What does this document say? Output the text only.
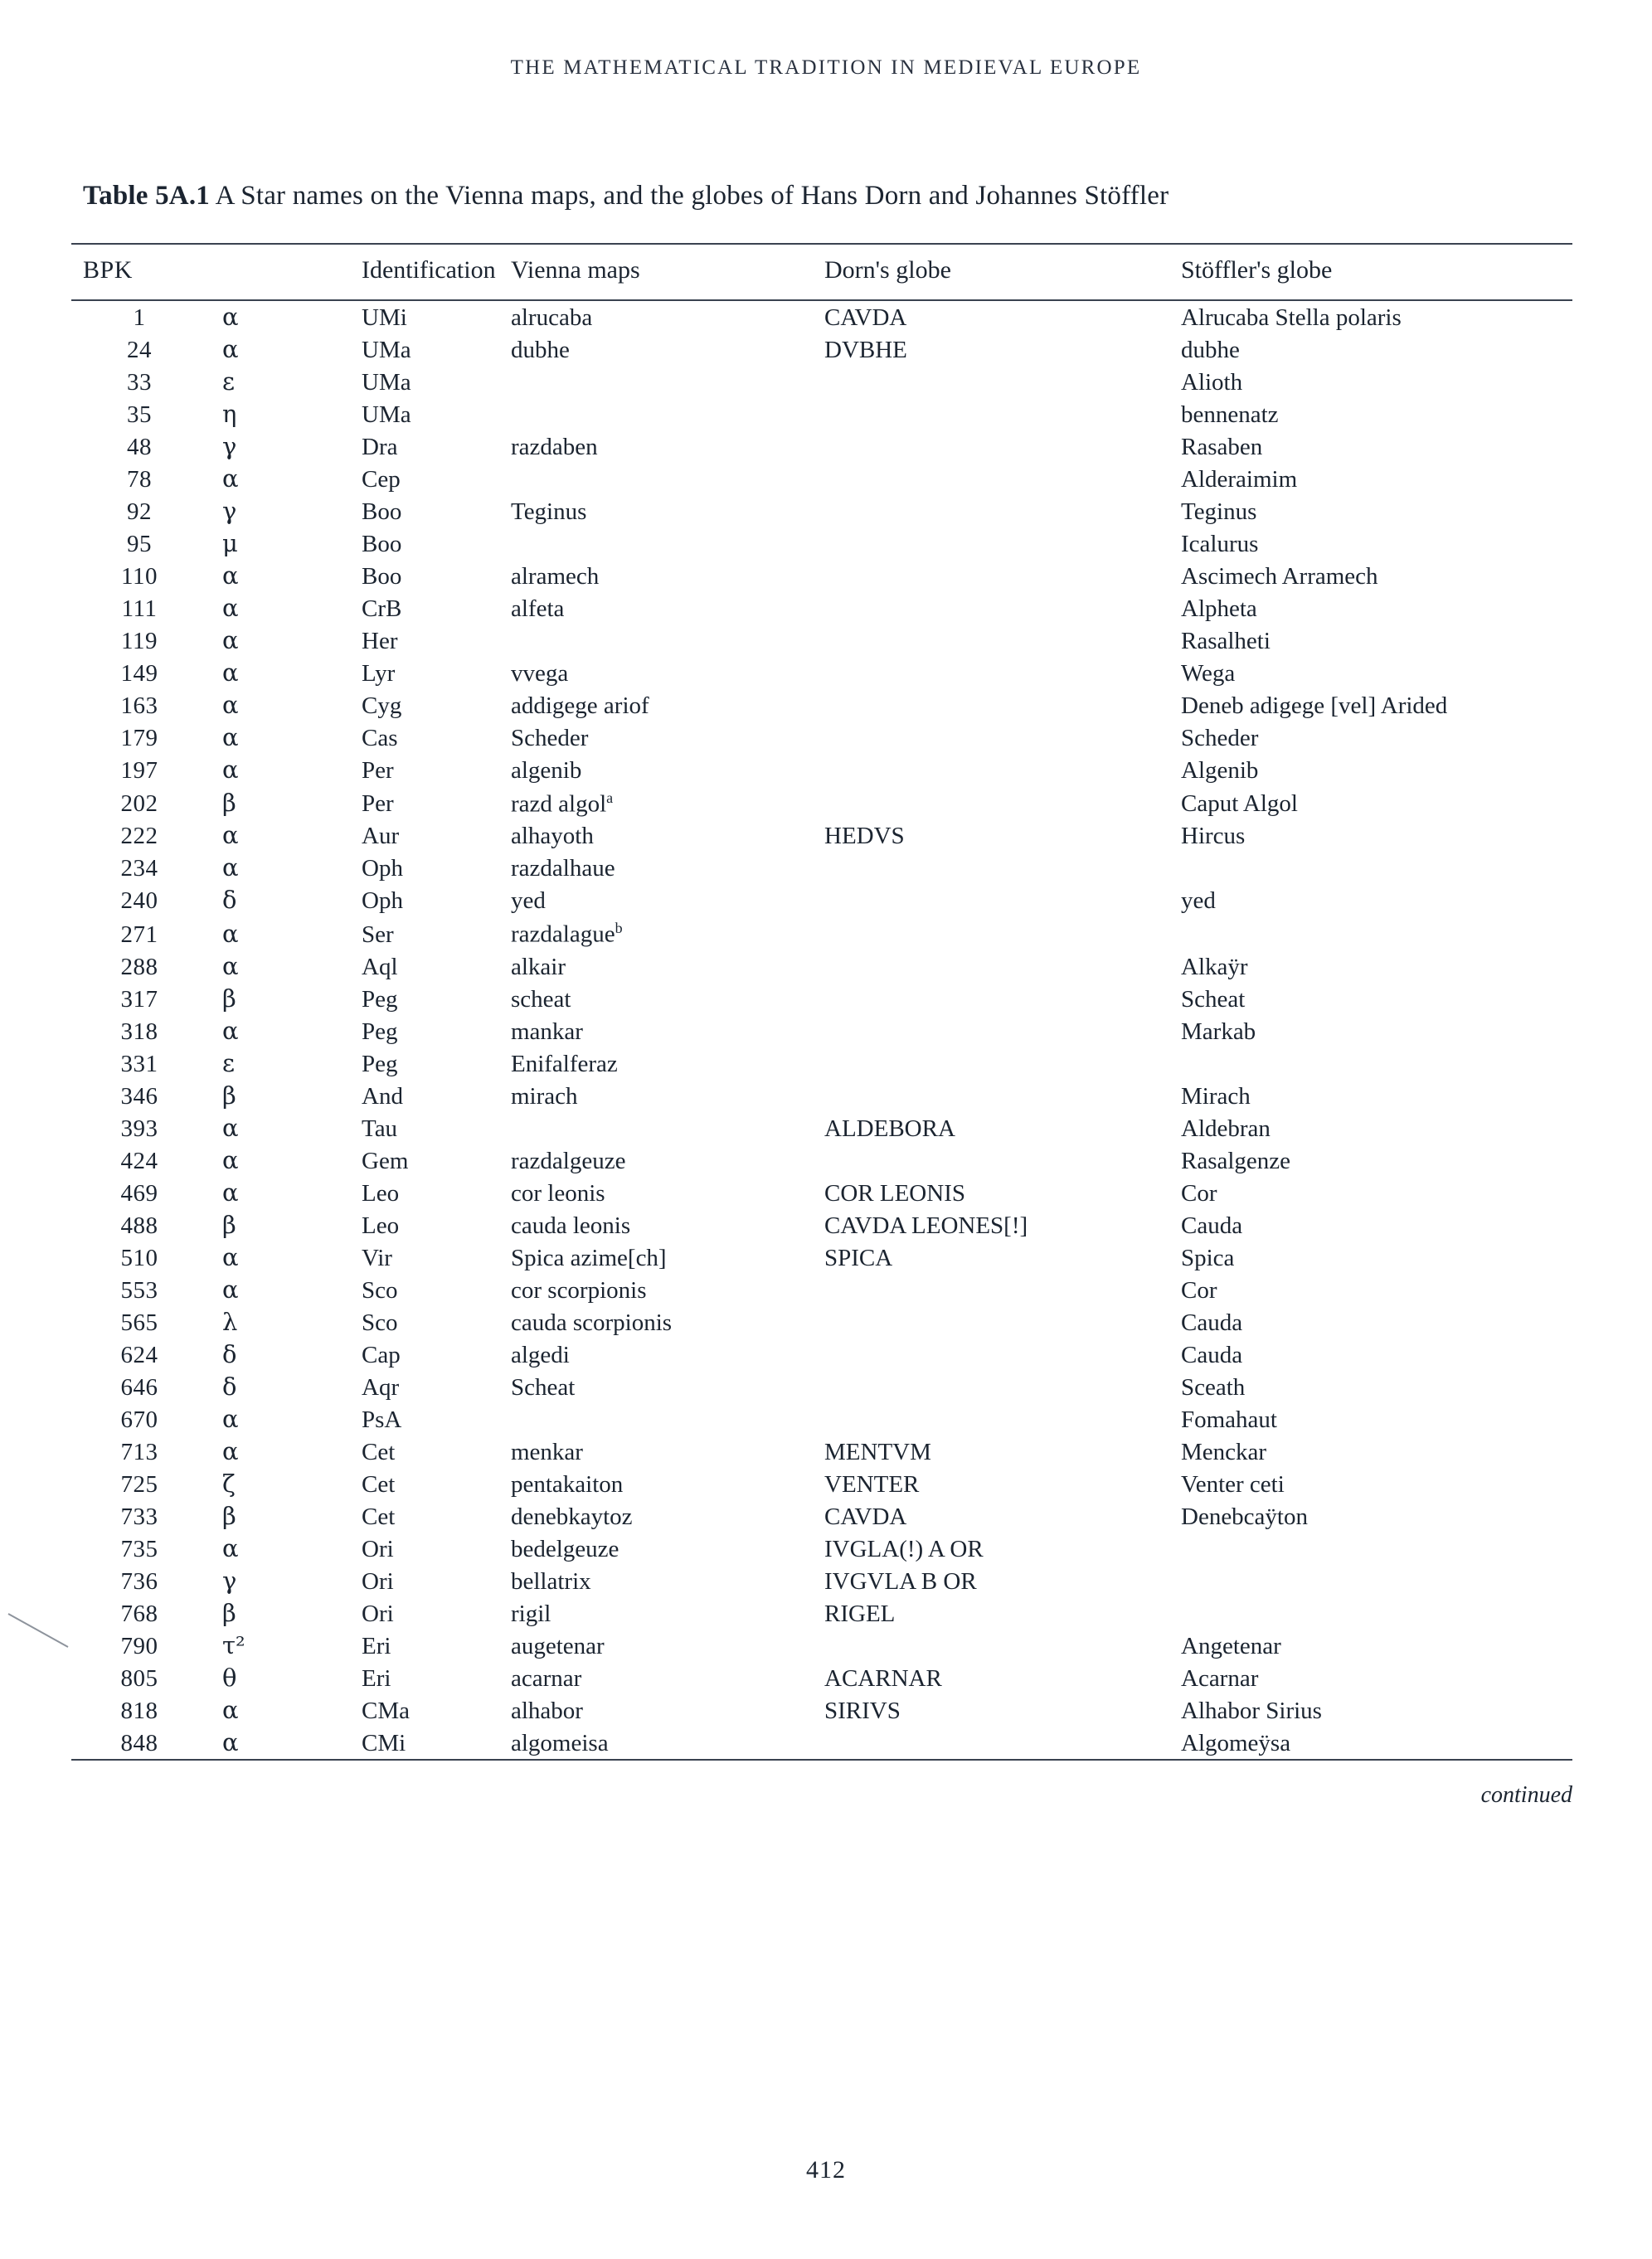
THE MATHEMATICAL TRADITION IN MEDIEVAL EUROPE
Table 5A.1 A Star names on the Vienna maps, and the globes of Hans Dorn and Johannes Stöffler
BPK		Identification	Vienna maps	Dorn's globe	Stöffler's globe
1	α	UMi	alrucaba	CAVDA	Alrucaba Stella polaris
24	α	UMa	dubhe	DVBHE	dubhe
33	ε	UMa			Alioth
35	η	UMa			bennenatz
48	γ	Dra	razdaben		Rasaben
78	α	Cep			Alderaimim
92	γ	Boo	Teginus		Teginus
95	μ	Boo			Icalurus
110	α	Boo	alramech		Ascimech Arramech
111	α	CrB	alfeta		Alpheta
119	α	Her			Rasalheti
149	α	Lyr	vvega		Wega
163	α	Cyg	addigege ariof		Deneb adigege [vel] Arided
179	α	Cas	Scheder		Scheder
197	α	Per	algenib		Algenib
202	β	Per	razd algol$^a$		Caput Algol
222	α	Aur	alhayoth	HEDVS	Hircus
234	α	Oph	razdalhaue		
240	δ	Oph	yed		yed
271	α	Ser	razdalague$^b$		
288	α	Aql	alkair		Alkaÿr
317	β	Peg	scheat		Scheat
318	α	Peg	mankar		Markab
331	ε	Peg	Enifalferaz		
346	β	And	mirach		Mirach
393	α	Tau		ALDEBORA	Aldebran
424	α	Gem	razdalgeuze		Rasalgenze
469	α	Leo	cor leonis	COR LEONIS	Cor
488	β	Leo	cauda leonis	CAVDA LEONES[!]	Cauda
510	α	Vir	Spica azime[ch]	SPICA	Spica
553	α	Sco	cor scorpionis		Cor
565	λ	Sco	cauda scorpionis		Cauda
624	δ	Cap	algedi		Cauda
646	δ	Aqr	Scheat		Sceath
670	α	PsA			Fomahaut
713	α	Cet	menkar	MENTVM	Menckar
725	ζ	Cet	pentakaiton	VENTER	Venter ceti
733	β	Cet	denebkaytoz	CAVDA	Denebcaÿton
735	α	Ori	bedelgeuze	IVGLA(!) A OR	
736	γ	Ori	bellatrix	IVGVLA B OR	
768	β	Ori	rigil	RIGEL	
790	τ²	Eri	augetenar		Angetenar
805	θ	Eri	acarnar	ACARNAR	Acarnar
818	α	CMa	alhabor	SIRIVS	Alhabor Sirius
848	α	CMi	algomeisa		Algomeÿsa
continued
412
